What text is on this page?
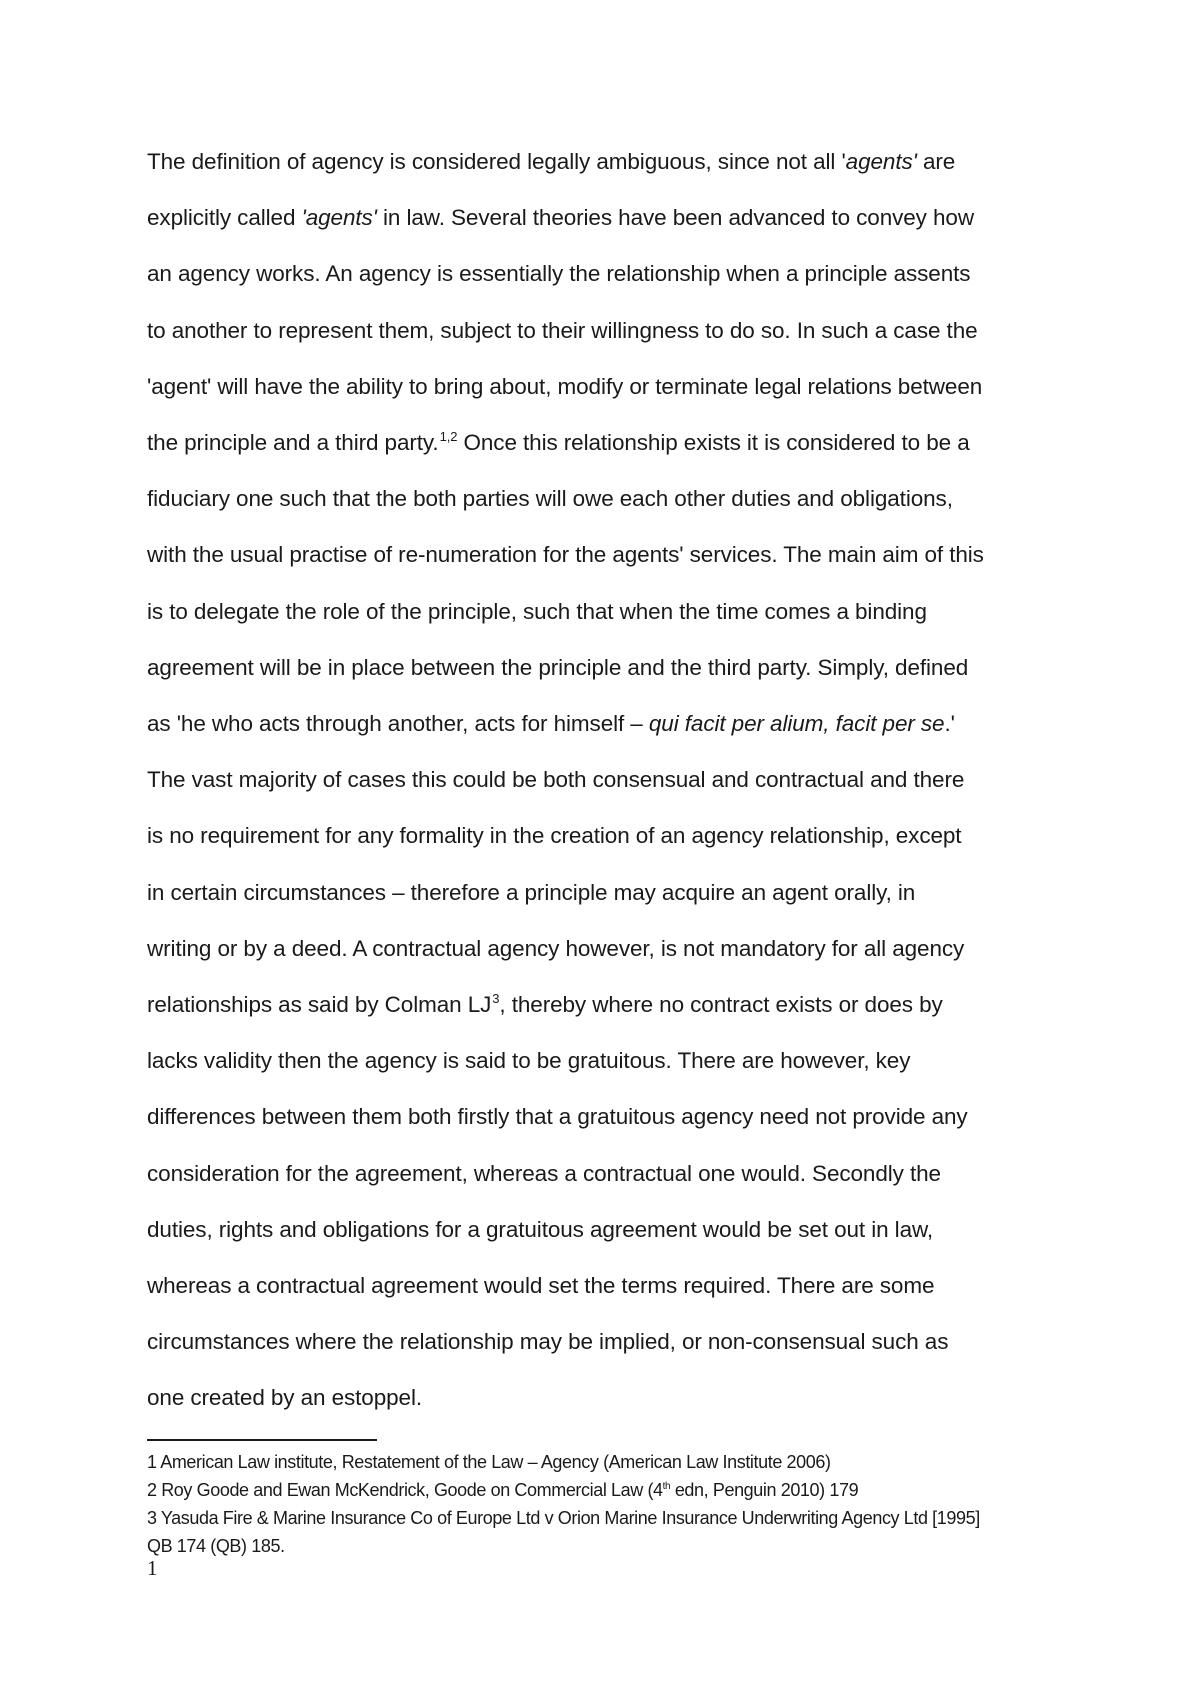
The definition of agency is considered legally ambiguous, since not all 'agents' are
explicitly called 'agents' in law. Several theories have been advanced to convey how
an agency works. An agency is essentially the relationship when a principle assents
to another to represent them, subject to their willingness to do so. In such a case the
'agent' will have the ability to bring about, modify or terminate legal relations between
the principle and a third party.$^{1,2}$ Once this relationship exists it is considered to be a
fiduciary one such that the both parties will owe each other duties and obligations,
with the usual practise of re-numeration for the agents' services. The main aim of this
is to delegate the role of the principle, such that when the time comes a binding
agreement will be in place between the principle and the third party. Simply, defined
as 'he who acts through another, acts for himself – qui facit per alium, facit per se.'
The vast majority of cases this could be both consensual and contractual and there
is no requirement for any formality in the creation of an agency relationship, except
in certain circumstances – therefore a principle may acquire an agent orally, in
writing or by a deed. A contractual agency however, is not mandatory for all agency
relationships as said by Colman $LJ^3$, thereby where no contract exists or does by
lacks validity then the agency is said to be gratuitous. There are however, key
differences between them both firstly that a gratuitous agency need not provide any
consideration for the agreement, whereas a contractual one would. Secondly the
duties, rights and obligations for a gratuitous agreement would be set out in law,
whereas a contractual agreement would set the terms required. There are some
circumstances where the relationship may be implied, or non-consensual such as
one created by an estoppel.
1 American Law institute, Restatement of the Law – Agency (American Law Institute 2006)
2 Roy Goode and Ewan McKendrick, Goode on Commercial Law (4th edn, Penguin 2010) 179
3 Yasuda Fire & Marine Insurance Co of Europe Ltd v Orion Marine Insurance Underwriting Agency Ltd [1995]
QB 174 (QB) 185.
1
